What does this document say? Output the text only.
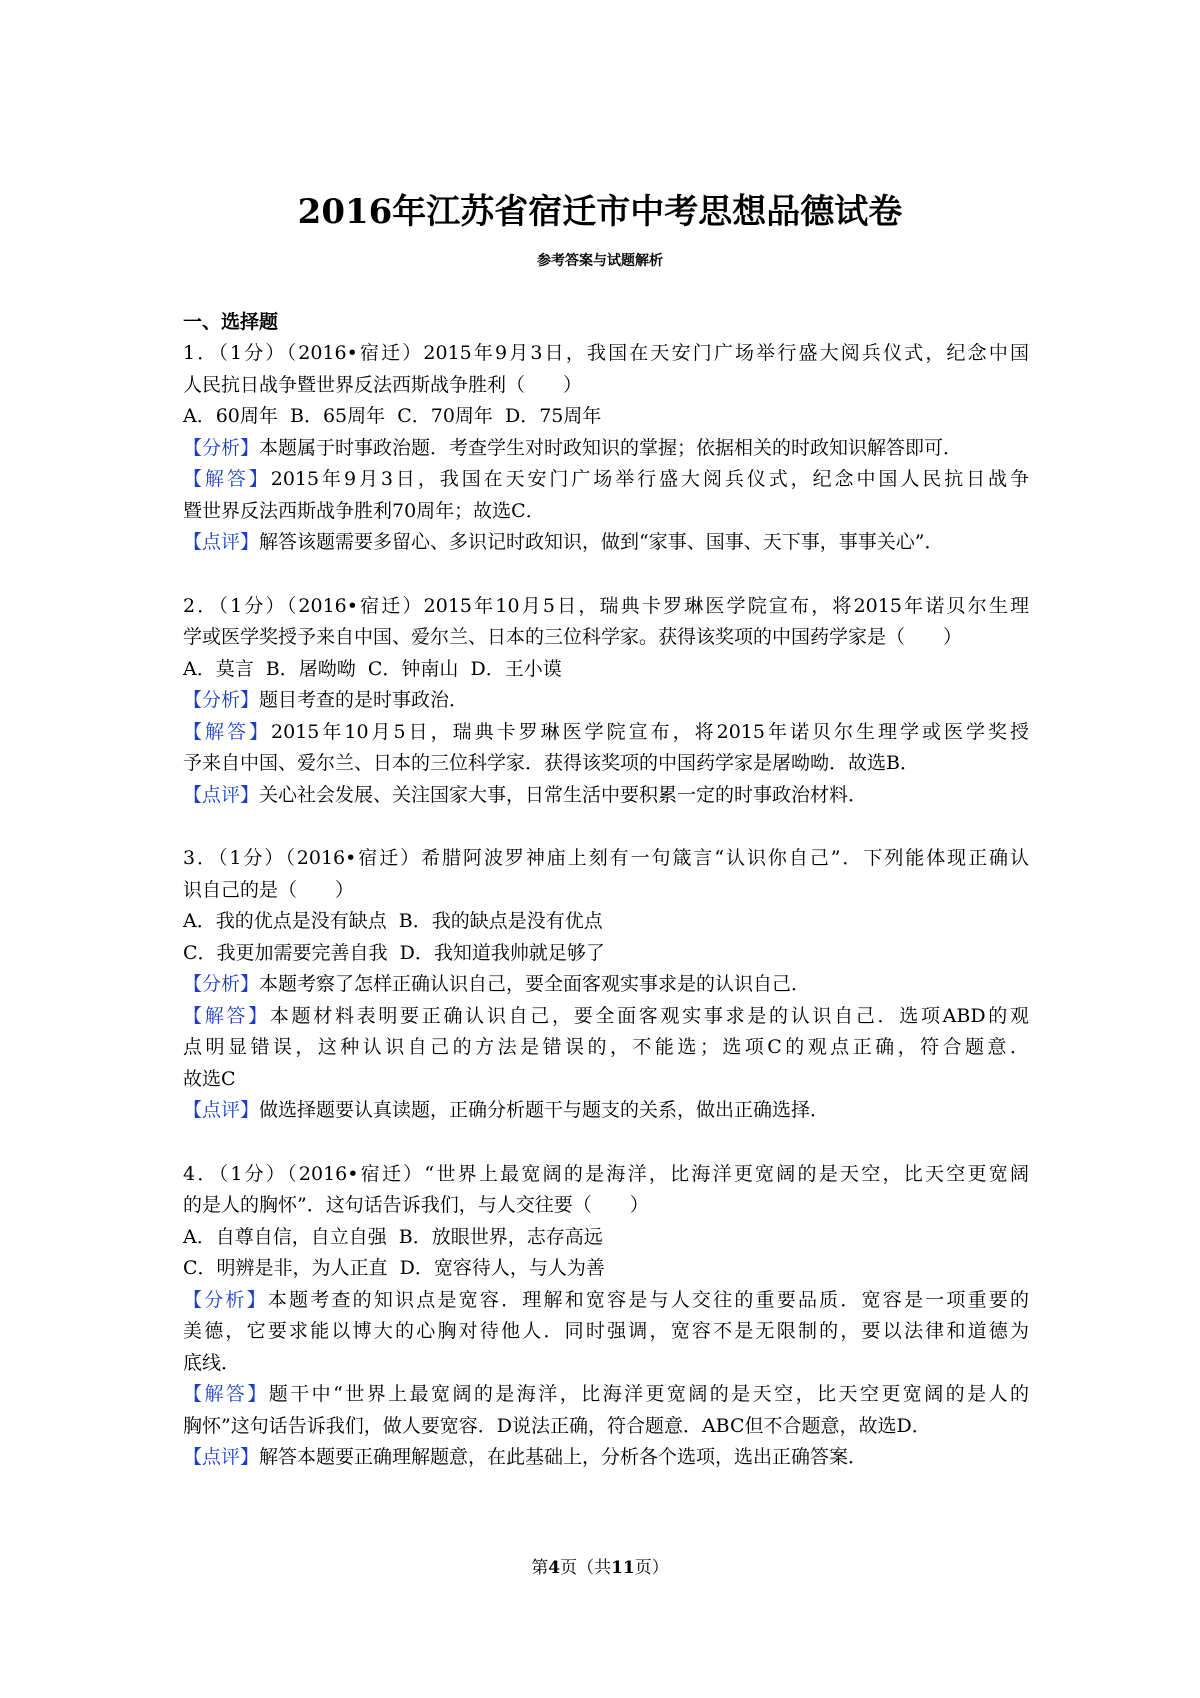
2016年江苏省宿迁市中考思想品德试卷
参考答案与试题解析
一、选择题
1．（1分）（2016•宿迁）2015年9月3日，我国在天安门广场举行盛大阅兵仪式，纪念中国
人民抗日战争暨世界反法西斯战争胜利（　　）
A．60周年  B．65周年  C．70周年  D．75周年
【分析】本题属于时事政治题．考查学生对时政知识的掌握；依据相关的时政知识解答即可．
【解答】2015年9月3日，我国在天安门广场举行盛大阅兵仪式，纪念中国人民抗日战争
暨世界反法西斯战争胜利70周年；故选C．
【点评】解答该题需要多留心、多识记时政知识，做到“家事、国事、天下事，事事关心”．
2．（1分）（2016•宿迁）2015年10月5日，瑞典卡罗琳医学院宣布，将2015年诺贝尔生理
学或医学奖授予来自中国、爱尔兰、日本的三位科学家。获得该奖项的中国药学家是（　　）
A．莫言  B．屠呦呦  C．钟南山  D．王小谟
【分析】题目考查的是时事政治．
【解答】2015年10月5日，瑞典卡罗琳医学院宣布，将2015年诺贝尔生理学或医学奖授
予来自中国、爱尔兰、日本的三位科学家．获得该奖项的中国药学家是屠呦呦．故选B．
【点评】关心社会发展、关注国家大事，日常生活中要积累一定的时事政治材料．
3．（1分）（2016•宿迁）希腊阿波罗神庙上刻有一句箴言“认识你自己”．下列能体现正确认
识自己的是（　　）
A．我的优点是没有缺点  B．我的缺点是没有优点
C．我更加需要完善自我  D．我知道我帅就足够了
【分析】本题考察了怎样正确认识自己，要全面客观实事求是的认识自己．
【解答】本题材料表明要正确认识自己，要全面客观实事求是的认识自己．选项ABD的观
点明显错误，这种认识自己的方法是错误的，不能选；选项C的观点正确，符合题意．
故选C
【点评】做选择题要认真读题，正确分析题干与题支的关系，做出正确选择．
4．（1分）（2016•宿迁）“世界上最宽阔的是海洋，比海洋更宽阔的是天空，比天空更宽阔
的是人的胸怀”．这句话告诉我们，与人交往要（　　）
A．自尊自信，自立自强  B．放眼世界，志存高远
C．明辨是非，为人正直  D．宽容待人，与人为善
【分析】本题考查的知识点是宽容．理解和宽容是与人交往的重要品质．宽容是一项重要的
美德，它要求能以博大的心胸对待他人．同时强调，宽容不是无限制的，要以法律和道德为
底线．
【解答】题干中“世界上最宽阔的是海洋，比海洋更宽阔的是天空，比天空更宽阔的是人的
胸怀”这句话告诉我们，做人要宽容．D说法正确，符合题意．ABC但不合题意，故选D．
【点评】解答本题要正确理解题意，在此基础上，分析各个选项，选出正确答案．
第4页（共11页）
